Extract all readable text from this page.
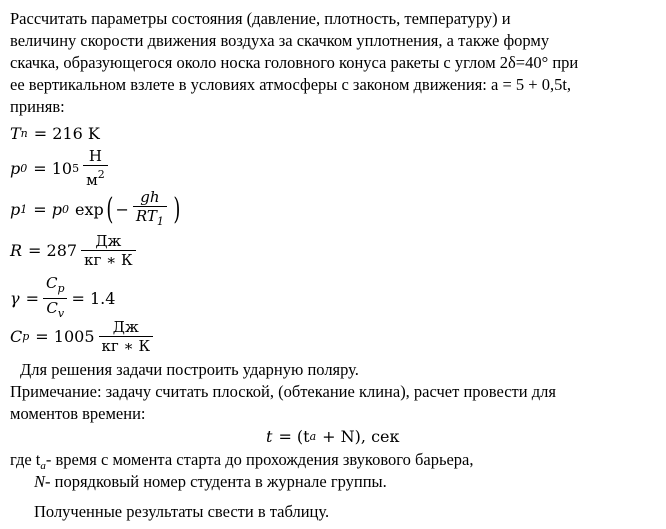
Рассчитать параметры состояния (давление, плотность, температуру) и
величину скорости движения воздуха за скачком уплотнения, а также форму
скачка, образующегося около носка головного конуса ракеты с углом 2δ=40° при
ее вертикальном взлете в условиях атмосферы с законом движения: a = 5 + 0,5t,
приняв:
T n = 216 K
p 0 = 10 $5 \frac{Н}{м^2}$
p 1 = p 0 exp ( − $\frac{gh}{RT_1}$ )
$R = 287 \frac{Дж}{кг ∗ К}$
$\gamma = \frac{C_p}{C_v} = 1.4$
C $p = 1005 \frac{Дж}{кг ∗ К}$
Для решения задачи построить ударную поляру.
Примечание: задачу считать плоской, (обтекание клина), расчет провести для
моментов времени:
t = (t a + N), сек
где $t_a-$ время с момента старта до прохождения звукового барьера,
N- порядковый номер студента в журнале группы.
Полученные результаты свести в таблицу.
